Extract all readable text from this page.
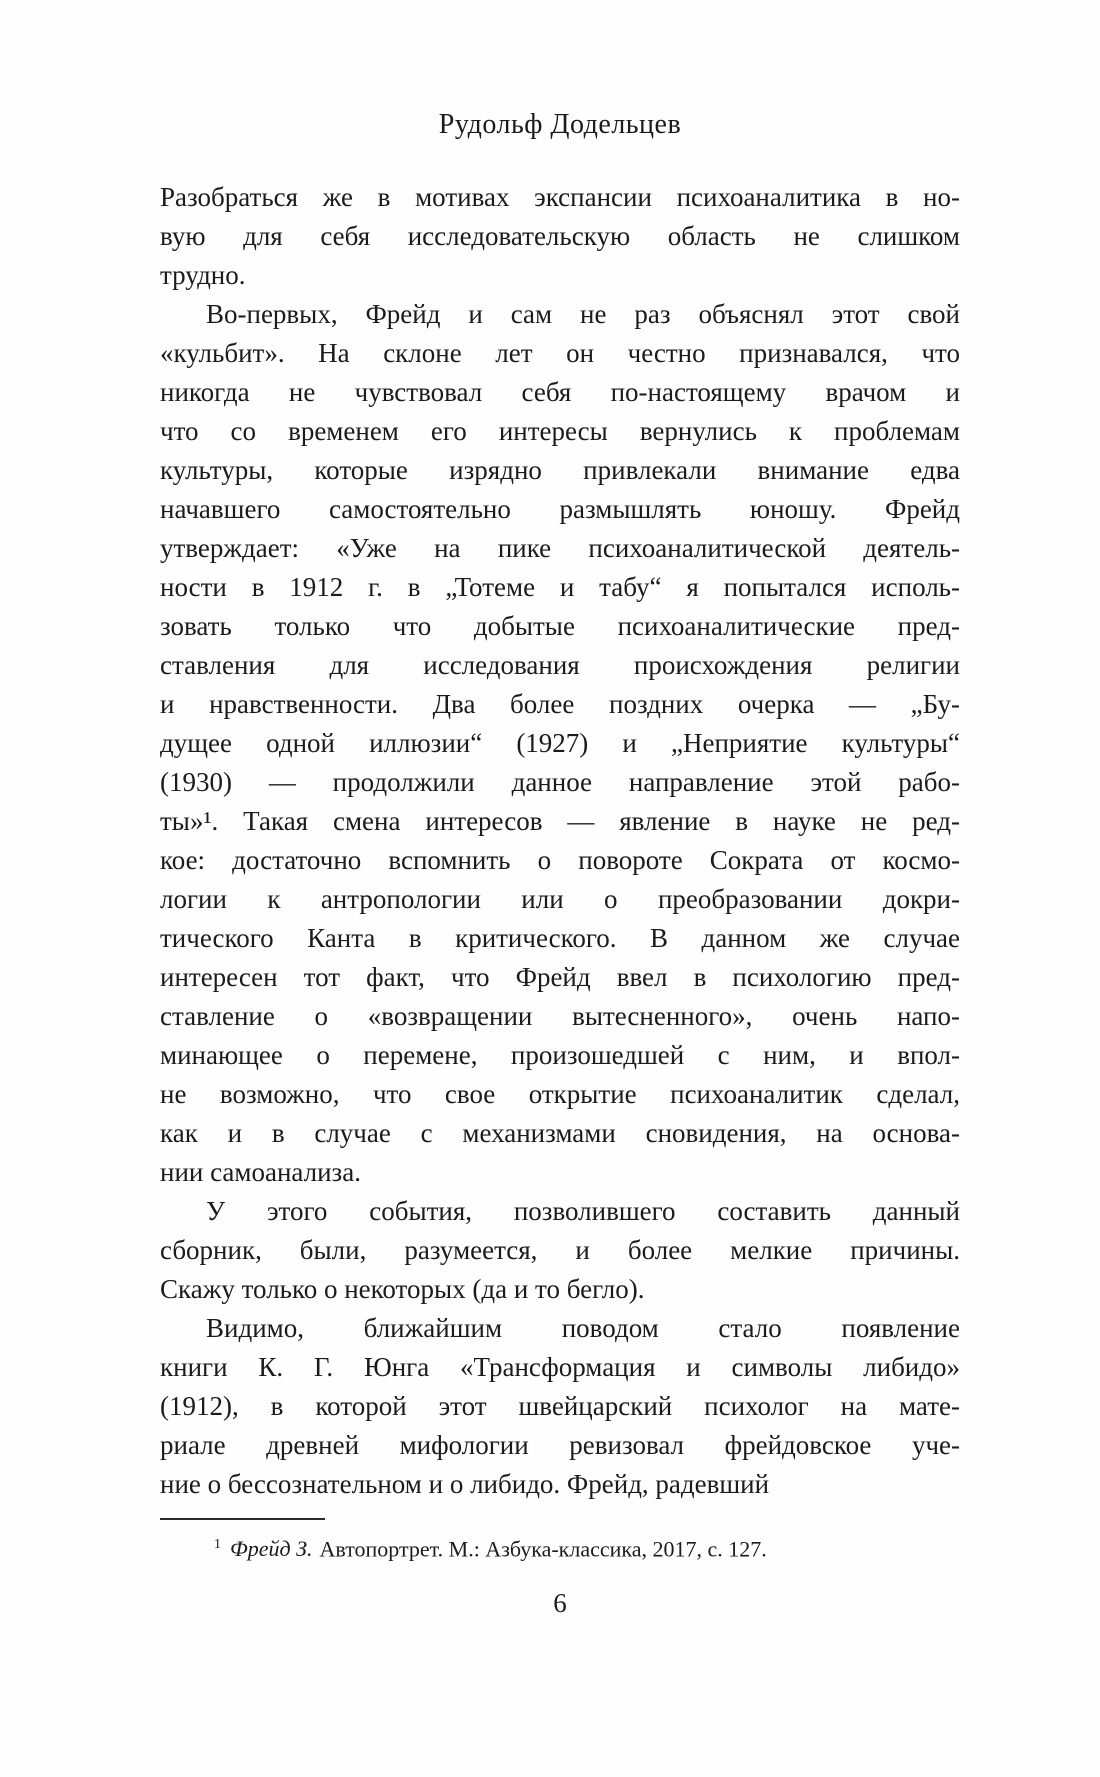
Рудольф Додельцев
Разобраться же в мотивах экспансии психоаналитика в но-
вую для себя исследовательскую область не слишком
трудно.
Во-первых, Фрейд и сам не раз объяснял этот свой
«кульбит». На склоне лет он честно признавался, что
никогда не чувствовал себя по-настоящему врачом и
что со временем его интересы вернулись к проблемам
культуры, которые изрядно привлекали внимание едва
начавшего самостоятельно размышлять юношу. Фрейд
утверждает: «Уже на пике психоаналитической деятель-
ности в 1912 г. в „Тотеме и табу“ я попытался исполь-
зовать только что добытые психоаналитические пред-
ставления для исследования происхождения религии
и нравственности. Два более поздних очерка — „Бу-
дущее одной иллюзии“ (1927) и „Неприятие культуры“
(1930) — продолжили данное направление этой рабо-
ты»¹. Такая смена интересов — явление в науке не ред-
кое: достаточно вспомнить о повороте Сократа от космо-
логии к антропологии или о преобразовании докри-
тического Канта в критического. В данном же случае
интересен тот факт, что Фрейд ввел в психологию пред-
ставление о «возвращении вытесненного», очень напо-
минающее о перемене, произошедшей с ним, и впол-
не возможно, что свое открытие психоаналитик сделал,
как и в случае с механизмами сновидения, на основа-
нии самоанализа.
У этого события, позволившего составить данный
сборник, были, разумеется, и более мелкие причины.
Скажу только о некоторых (да и то бегло).
Видимо, ближайшим поводом стало появление
книги К. Г. Юнга «Трансформация и символы либидо»
(1912), в которой этот швейцарский психолог на мате-
риале древней мифологии ревизовал фрейдовское уче-
ние о бессознательном и о либидо. Фрейд, радевший
$^1$ Фрейд З. Автопортрет. М.: Азбука-классика, 2017, с. 127.
6
